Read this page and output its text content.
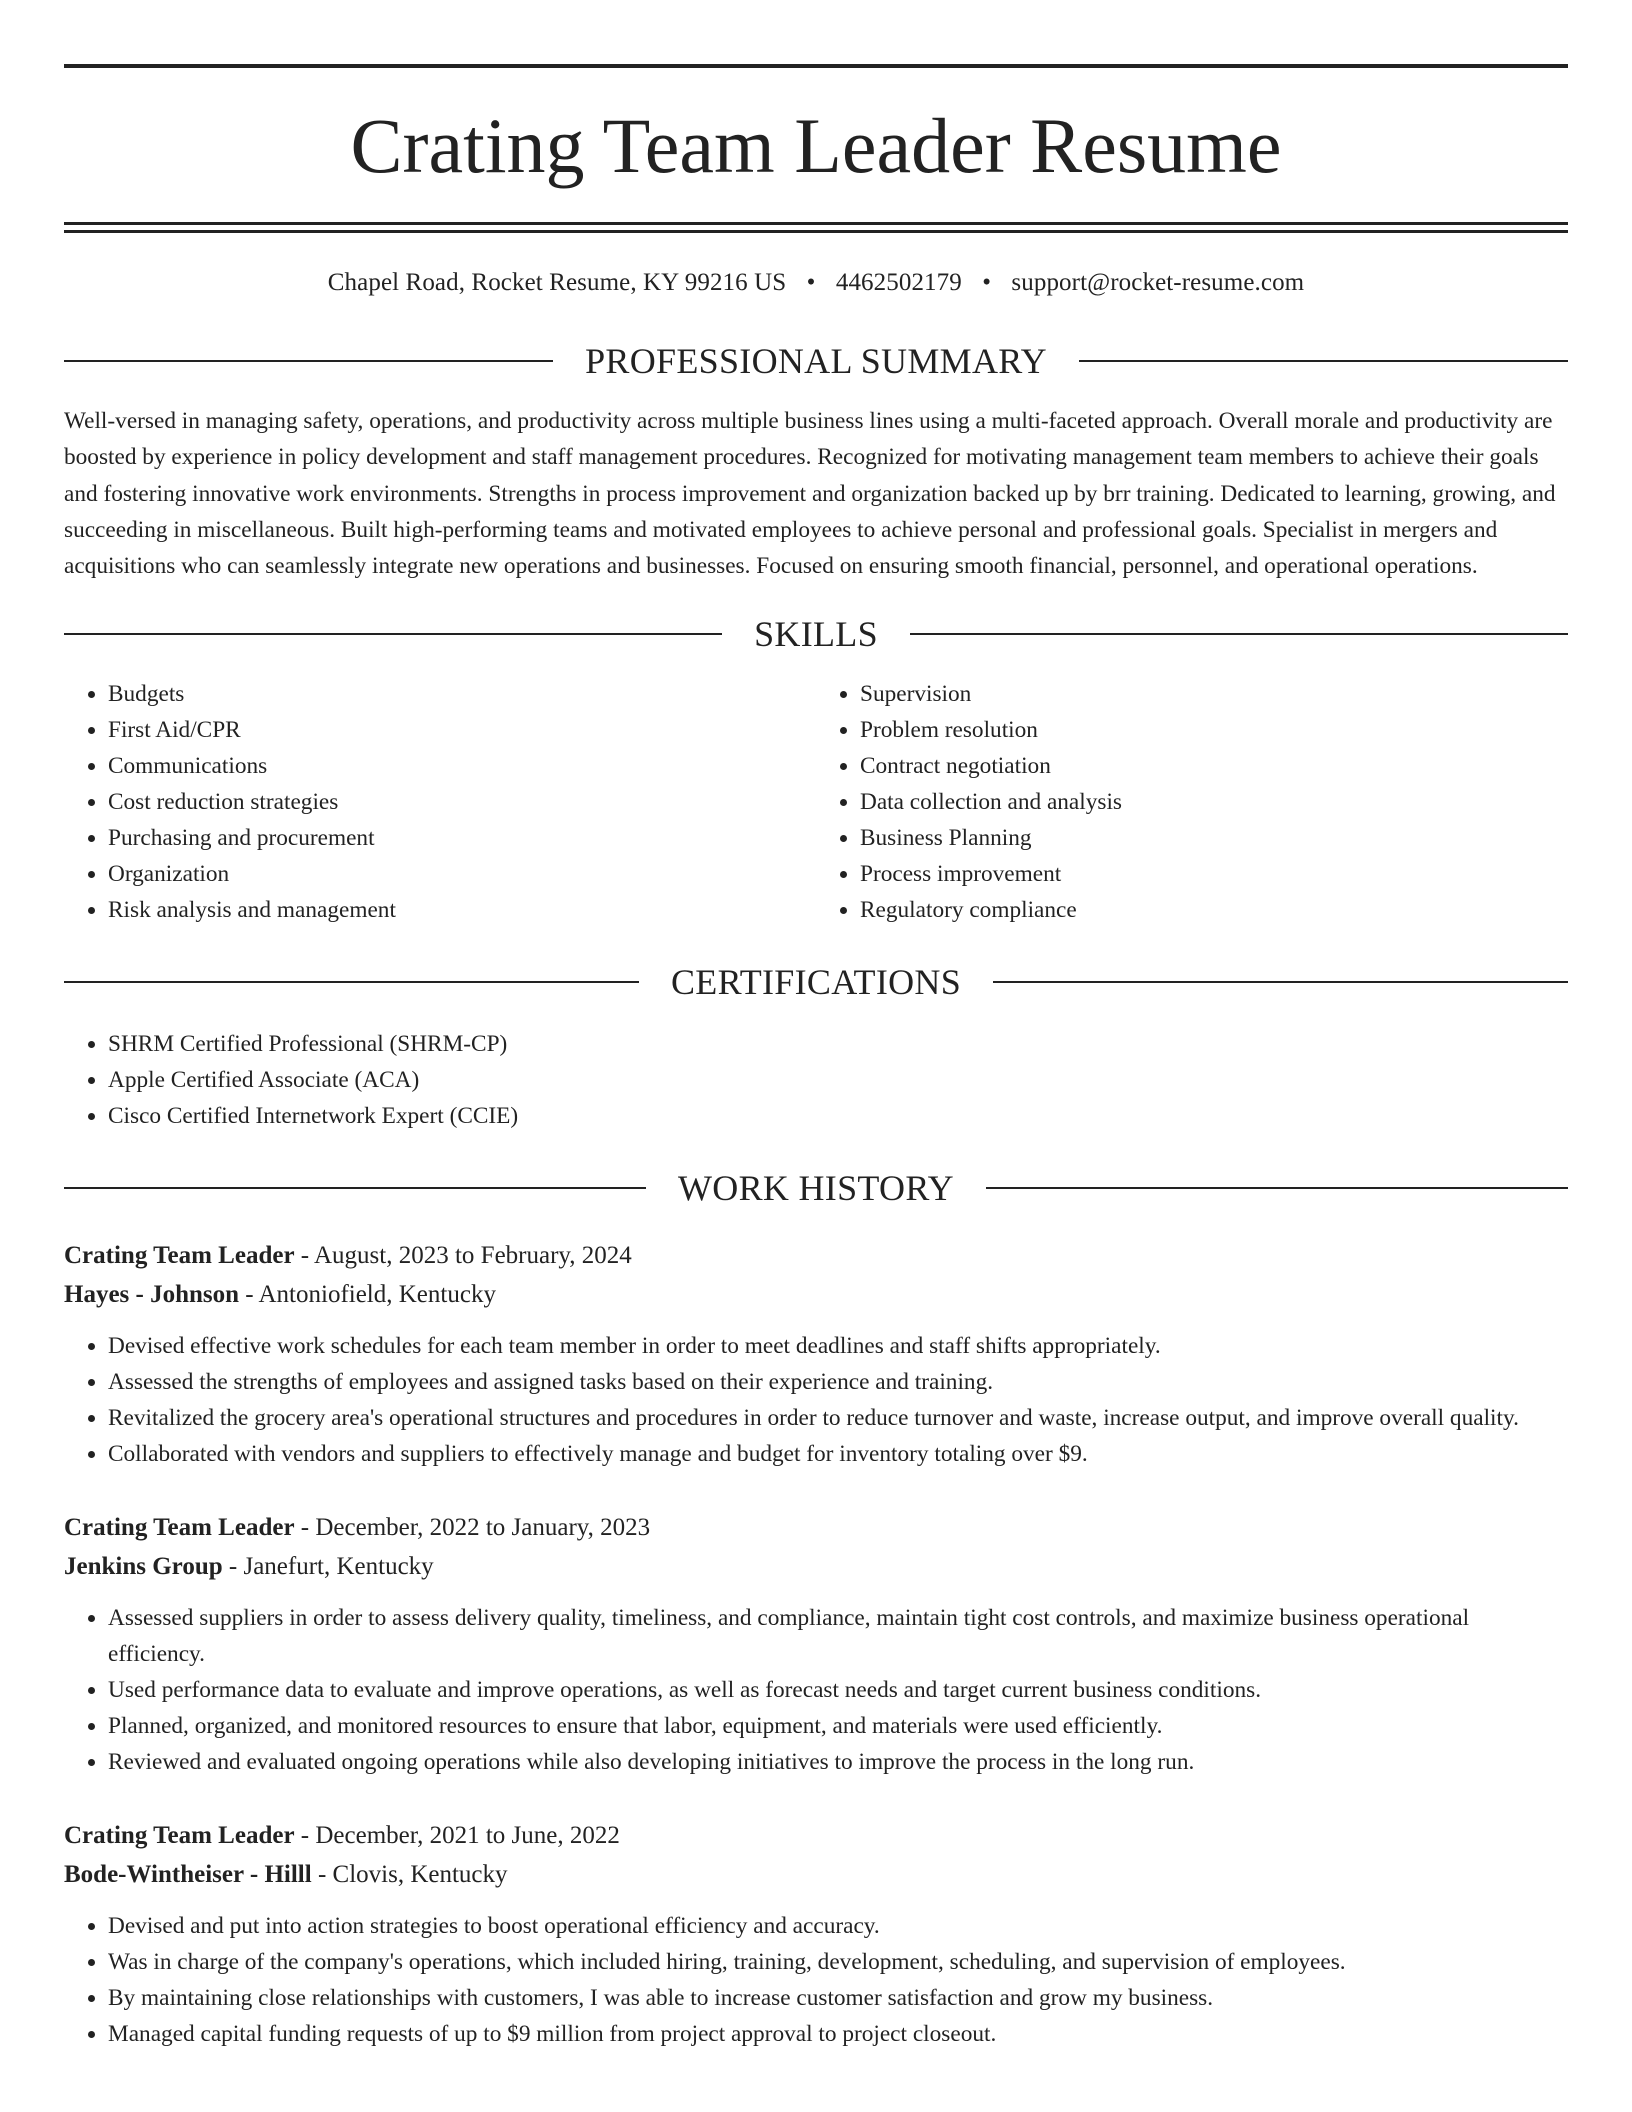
Crating Team Leader Resume
Chapel Road, Rocket Resume, KY 99216 US • 4462502179 • support@rocket-resume.com
PROFESSIONAL SUMMARY

Well-versed in managing safety, operations, and productivity across multiple business lines using a multi-faceted approach. Overall morale and productivity are boosted by experience in policy development and staff management procedures. Recognized for motivating management team members to achieve their goals and fostering innovative work environments. Strengths in process improvement and organization backed up by brr training. Dedicated to learning, growing, and succeeding in miscellaneous. Built high-performing teams and motivated employees to achieve personal and professional goals. Specialist in mergers and acquisitions who can seamlessly integrate new operations and businesses. Focused on ensuring smooth financial, personnel, and operational operations.

SKILLS
• Budgets
• First Aid/CPR
• Communications
• Cost reduction strategies
• Purchasing and procurement
• Organization
• Risk analysis and management
• Supervision
• Problem resolution
• Contract negotiation
• Data collection and analysis
• Business Planning
• Process improvement
• Regulatory compliance
CERTIFICATIONS
• SHRM Certified Professional (SHRM-CP)
• Apple Certified Associate (ACA)
• Cisco Certified Internetwork Expert (CCIE)
WORK HISTORY
Crating Team Leader - August, 2023 to February, 2024
Hayes - Johnson - Antoniofield, Kentucky
• Devised effective work schedules for each team member in order to meet deadlines and staff shifts appropriately.
• Assessed the strengths of employees and assigned tasks based on their experience and training.
• Revitalized the grocery area's operational structures and procedures in order to reduce turnover and waste, increase output, and improve overall quality.
• Collaborated with vendors and suppliers to effectively manage and budget for inventory totaling over $9.
Crating Team Leader - December, 2022 to January, 2023
Jenkins Group - Janefurt, Kentucky
• Assessed suppliers in order to assess delivery quality, timeliness, and compliance, maintain tight cost controls, and maximize business operational efficiency.
• Used performance data to evaluate and improve operations, as well as forecast needs and target current business conditions.
• Planned, organized, and monitored resources to ensure that labor, equipment, and materials were used efficiently.
• Reviewed and evaluated ongoing operations while also developing initiatives to improve the process in the long run.
Crating Team Leader - December, 2021 to June, 2022
Bode-Wintheiser - Hilll - Clovis, Kentucky
• Devised and put into action strategies to boost operational efficiency and accuracy.
• Was in charge of the company's operations, which included hiring, training, development, scheduling, and supervision of employees.
• By maintaining close relationships with customers, I was able to increase customer satisfaction and grow my business.
• Managed capital funding requests of up to $9 million from project approval to project closeout.
